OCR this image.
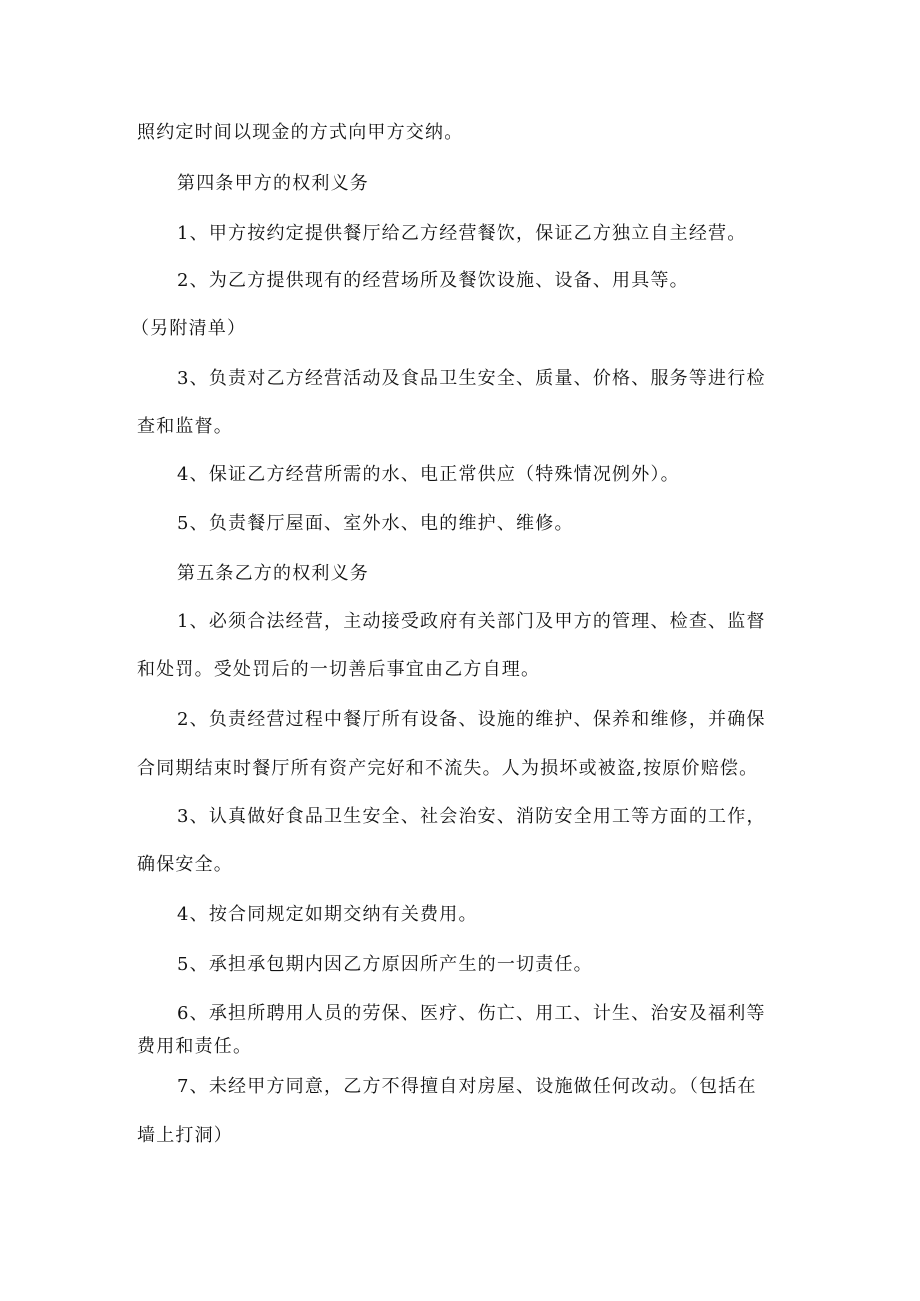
照约定时间以现金的方式向甲方交纳。
第四条甲方的权利义务
1、甲方按约定提供餐厅给乙方经营餐饮，保证乙方独立自主经营。
2、为乙方提供现有的经营场所及餐饮设施、设备、用具等。
（另附清单）
3、负责对乙方经营活动及食品卫生安全、质量、价格、服务等进行检
查和监督。
4、保证乙方经营所需的水、电正常供应（特殊情况例外）。
5、负责餐厅屋面、室外水、电的维护、维修。
第五条乙方的权利义务
1、必须合法经营，主动接受政府有关部门及甲方的管理、检查、监督
和处罚。受处罚后的一切善后事宜由乙方自理。
2、负责经营过程中餐厅所有设备、设施的维护、保养和维修，并确保
合同期结束时餐厅所有资产完好和不流失。人为损坏或被盗,按原价赔偿。
3、认真做好食品卫生安全、社会治安、消防安全用工等方面的工作，
确保安全。
4、按合同规定如期交纳有关费用。
5、承担承包期内因乙方原因所产生的一切责任。
6、承担所聘用人员的劳保、医疗、伤亡、用工、计生、治安及福利等
费用和责任。
7、未经甲方同意，乙方不得擅自对房屋、设施做任何改动。（包括在
墙上打洞）
